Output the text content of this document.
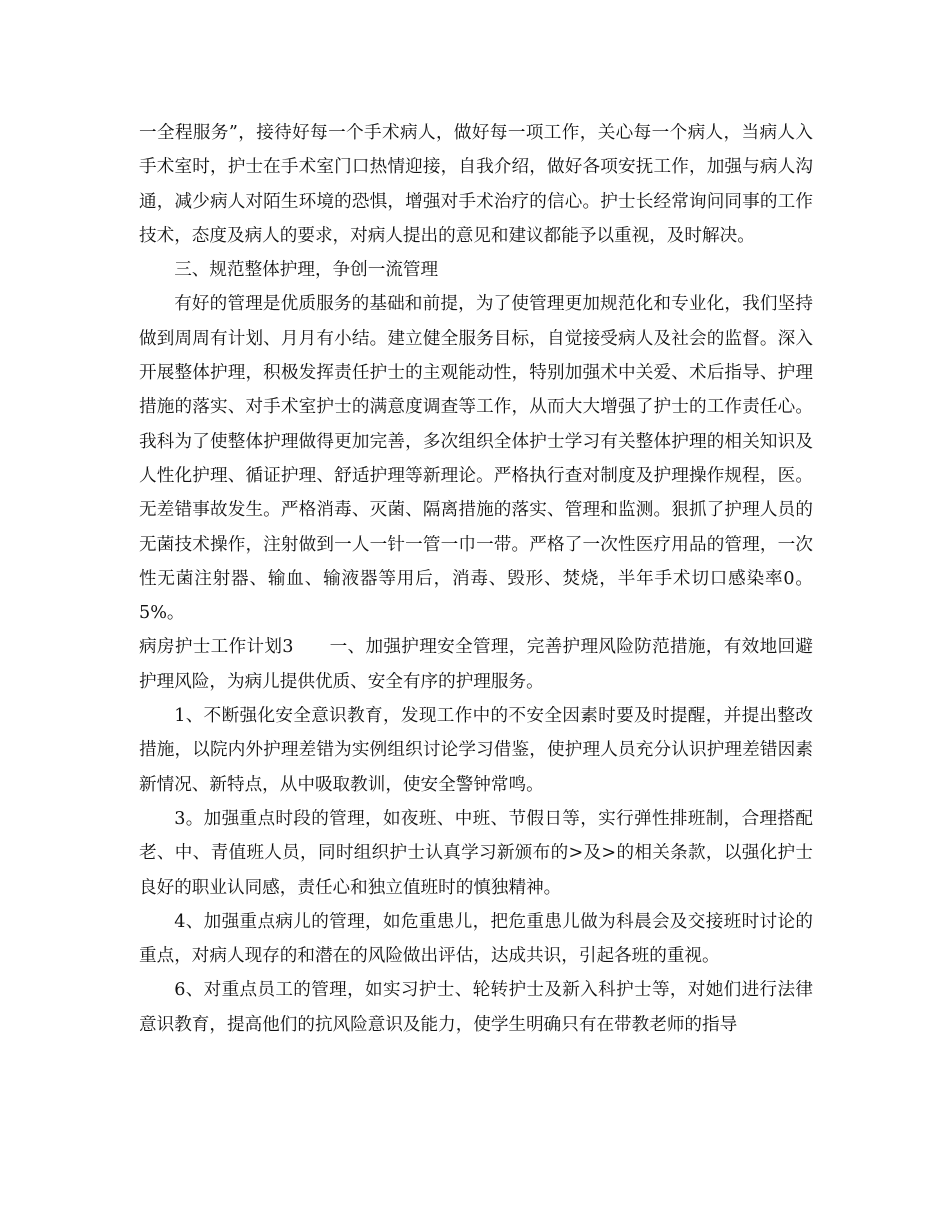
一全程服务”，接待好每一个手术病人，做好每一项工作，关心每一个病人，当病人入手术室时，护士在手术室门口热情迎接，自我介绍，做好各项安抚工作，加强与病人沟通，减少病人对陌生环境的恐惧，增强对手术治疗的信心。护士长经常询问同事的工作技术，态度及病人的要求，对病人提出的意见和建议都能予以重视，及时解决。

三、规范整体护理，争创一流管理

有好的管理是优质服务的基础和前提，为了使管理更加规范化和专业化，我们坚持做到周周有计划、月月有小结。建立健全服务目标，自觉接受病人及社会的监督。深入开展整体护理，积极发挥责任护士的主观能动性，特别加强术中关爱、术后指导、护理措施的落实、对手术室护士的满意度调查等工作，从而大大增强了护士的工作责任心。我科为了使整体护理做得更加完善，多次组织全体护士学习有关整体护理的相关知识及人性化护理、循证护理、舒适护理等新理论。严格执行查对制度及护理操作规程，医。无差错事故发生。严格消毒、灭菌、隔离措施的落实、管理和监测。狠抓了护理人员的无菌技术操作，注射做到一人一针一管一巾一带。严格了一次性医疗用品的管理，一次性无菌注射器、输血、输液器等用后，消毒、毁形、焚烧，半年手术切口感染率0。5%。

病房护士工作计划3　　一、加强护理安全管理，完善护理风险防范措施，有效地回避护理风险，为病儿提供优质、安全有序的护理服务。

1、不断强化安全意识教育，发现工作中的不安全因素时要及时提醒，并提出整改措施，以院内外护理差错为实例组织讨论学习借鉴，使护理人员充分认识护理差错因素新情况、新特点，从中吸取教训，使安全警钟常鸣。

3。加强重点时段的管理，如夜班、中班、节假日等，实行弹性排班制，合理搭配老、中、青值班人员，同时组织护士认真学习新颁布的>及>的相关条款，以强化护士良好的职业认同感，责任心和独立值班时的慎独精神。

4、加强重点病儿的管理，如危重患儿，把危重患儿做为科晨会及交接班时讨论的重点，对病人现存的和潜在的风险做出评估，达成共识，引起各班的重视。

6、对重点员工的管理，如实习护士、轮转护士及新入科护士等，对她们进行法律意识教育，提高他们的抗风险意识及能力，使学生明确只有在带教老师的指导
